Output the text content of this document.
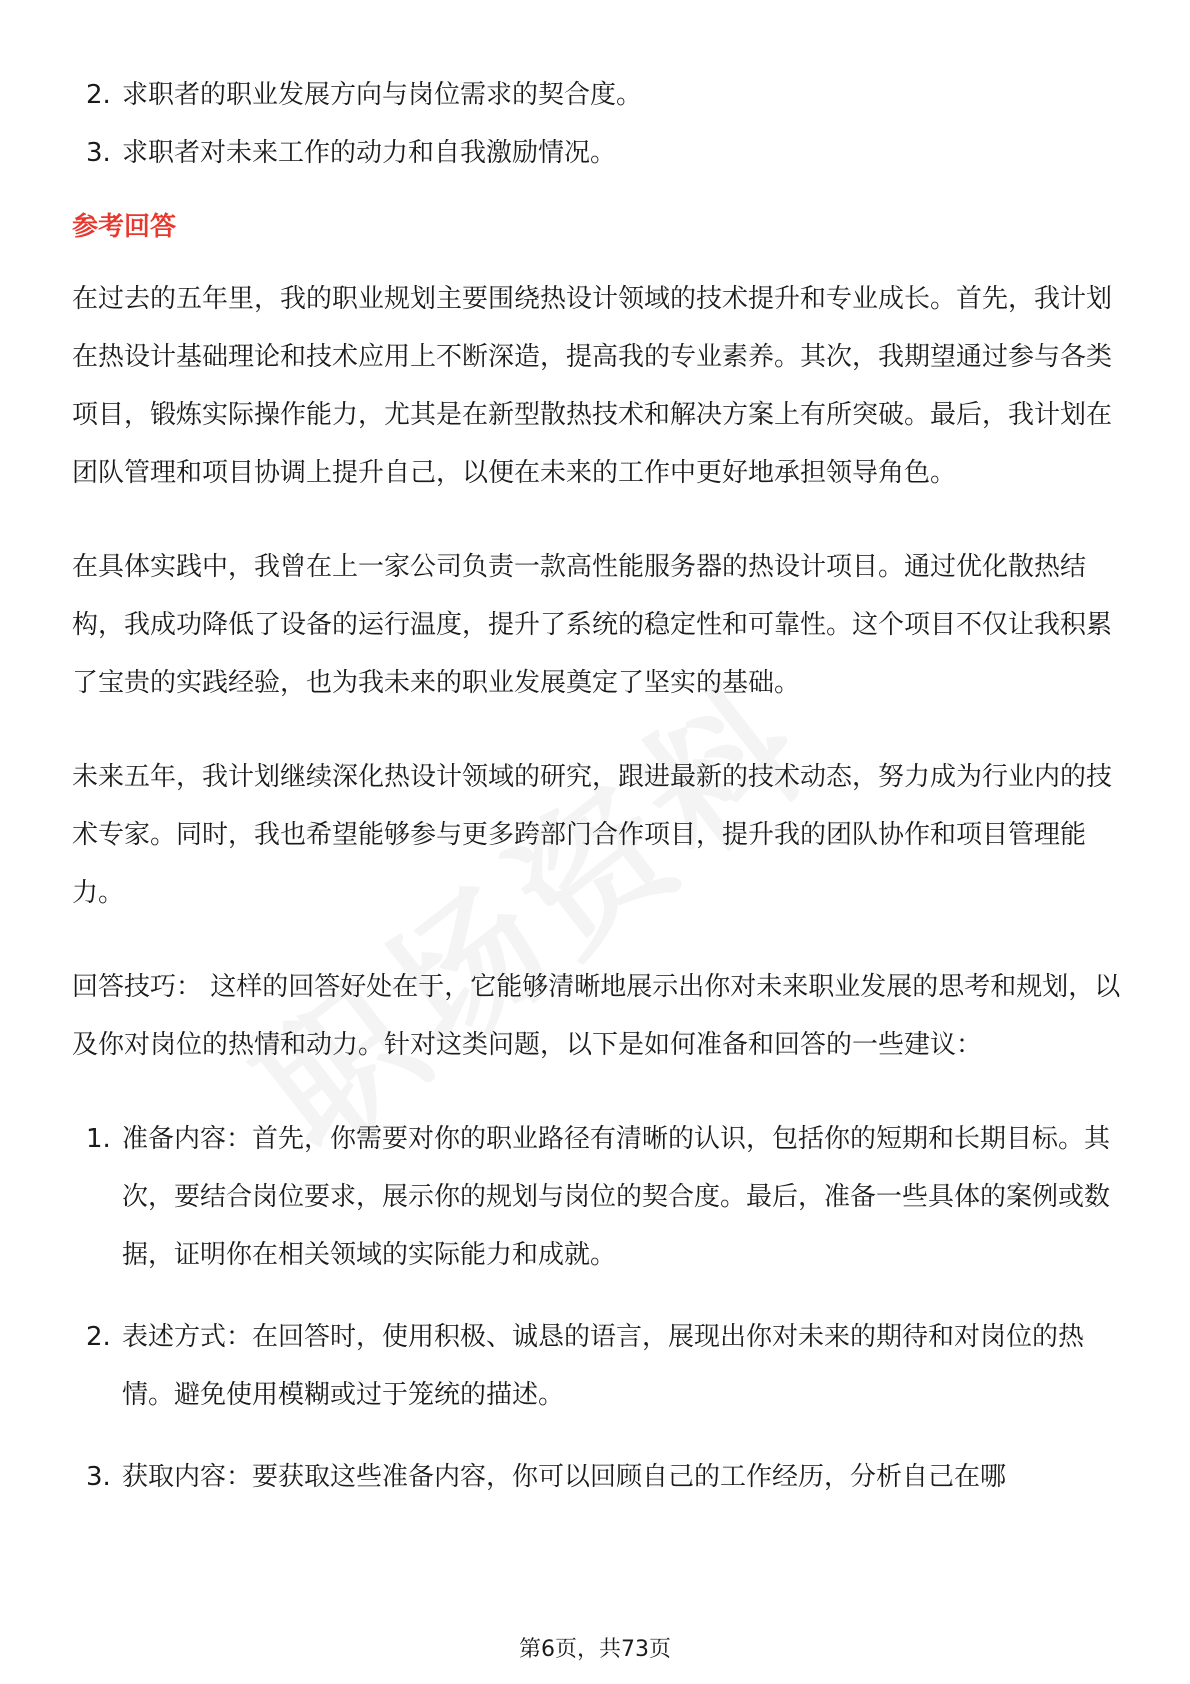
2. 求职者的职业发展方向与岗位需求的契合度。
3. 求职者对未来工作的动力和自我激励情况。
参考回答
在过去的五年里，我的职业规划主要围绕热设计领域的技术提升和专业成长。首先，我计划在热设计基础理论和技术应用上不断深造，提高我的专业素养。其次，我期望通过参与各类项目，锻炼实际操作能力，尤其是在新型散热技术和解决方案上有所突破。最后，我计划在团队管理和项目协调上提升自己，以便在未来的工作中更好地承担领导角色。
在具体实践中，我曾在上一家公司负责一款高性能服务器的热设计项目。通过优化散热结构，我成功降低了设备的运行温度，提升了系统的稳定性和可靠性。这个项目不仅让我积累了宝贵的实践经验，也为我未来的职业发展奠定了坚实的基础。
未来五年，我计划继续深化热设计领域的研究，跟进最新的技术动态，努力成为行业内的技术专家。同时，我也希望能够参与更多跨部门合作项目，提升我的团队协作和项目管理能力。
回答技巧： 这样的回答好处在于，它能够清晰地展示出你对未来职业发展的思考和规划，以及你对岗位的热情和动力。针对这类问题，以下是如何准备和回答的一些建议：
1. 准备内容：首先，你需要对你的职业路径有清晰的认识，包括你的短期和长期目标。其次，要结合岗位要求，展示你的规划与岗位的契合度。最后，准备一些具体的案例或数据，证明你在相关领域的实际能力和成就。
2. 表述方式：在回答时，使用积极、诚恳的语言，展现出你对未来的期待和对岗位的热情。避免使用模糊或过于笼统的描述。
3. 获取内容：要获取这些准备内容，你可以回顾自己的工作经历，分析自己在哪
第6页，共73页
